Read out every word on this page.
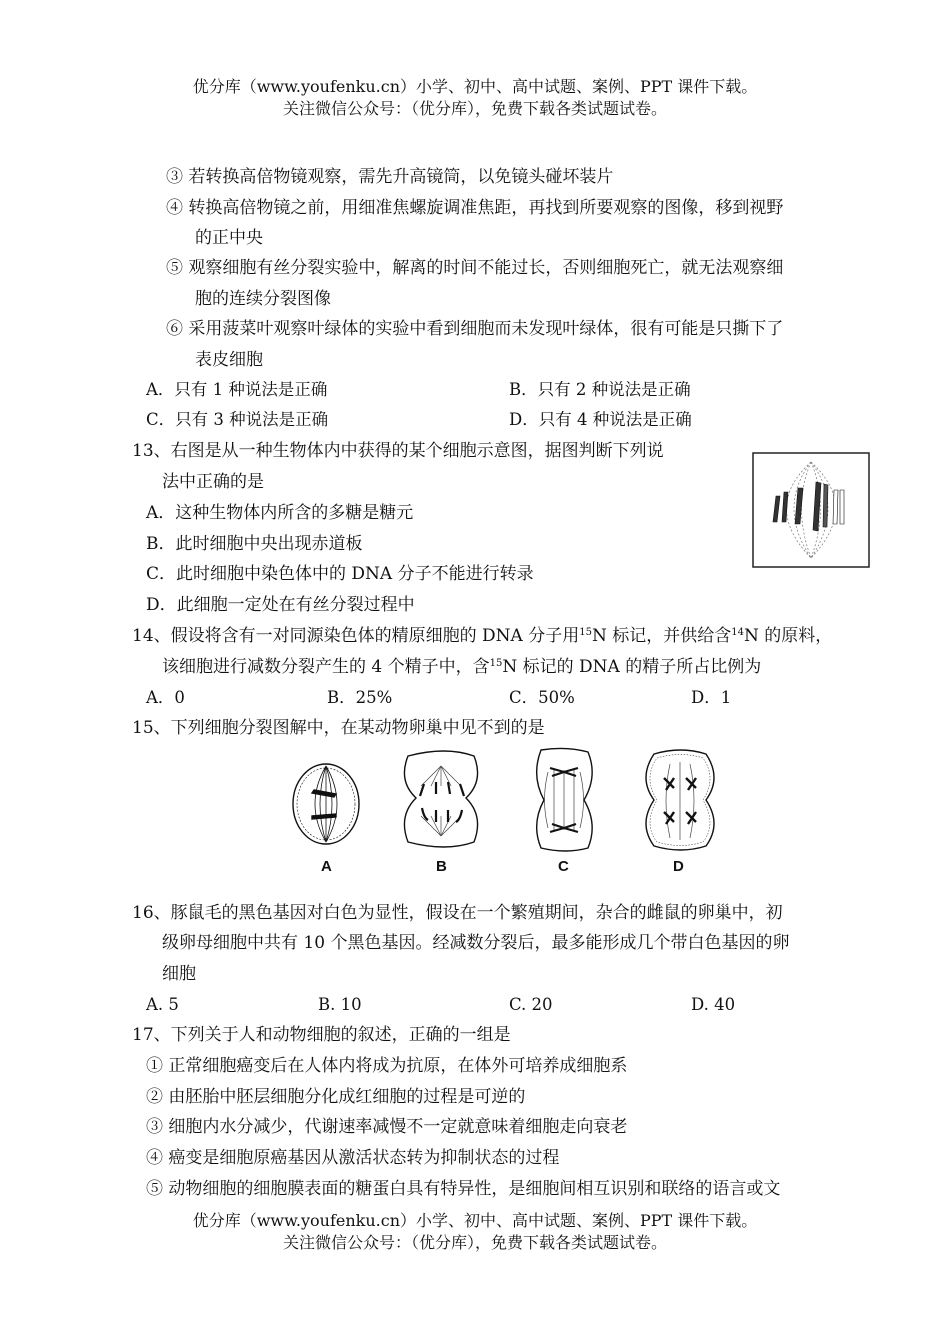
优分库（www.youfenku.cn）小学、初中、高中试题、案例、PPT 课件下载。
关注微信公众号：（优分库），免费下载各类试题试卷。
③ 若转换高倍物镜观察，需先升高镜筒，以免镜头碰坏装片
④ 转换高倍物镜之前，用细准焦螺旋调准焦距，再找到所要观察的图像，移到视野
的正中央
⑤ 观察细胞有丝分裂实验中，解离的时间不能过长，否则细胞死亡，就无法观察细
胞的连续分裂图像
⑥ 采用菠菜叶观察叶绿体的实验中看到细胞而未发现叶绿体，很有可能是只撕下了
表皮细胞
A．只有 1 种说法是正确	B．只有 2 种说法是正确
C．只有 3 种说法是正确	D．只有 4 种说法是正确
13、右图是从一种生物体内中获得的某个细胞示意图，据图判断下列说
法中正确的是
A．这种生物体内所含的多糖是糖元
B．此时细胞中央出现赤道板
C．此时细胞中染色体中的 DNA 分子不能进行转录
D．此细胞一定处在有丝分裂过程中
14、假设将含有一对同源染色体的精原细胞的 DNA 分子用$^{15}$N 标记，并供给含$^{14}$N 的原料，
该细胞进行减数分裂产生的 4 个精子中，含$^{15}$N 标记的 DNA 的精子所占比例为
A．0	B．25%	C．50%	D．1
15、下列细胞分裂图解中，在某动物卵巢中见不到的是
A	B	C	D
16、豚鼠毛的黑色基因对白色为显性，假设在一个繁殖期间，杂合的雌鼠的卵巢中，初
级卵母细胞中共有 10 个黑色基因。经减数分裂后，最多能形成几个带白色基因的卵
细胞
A. 5	B. 10	C. 20	D. 40
17、下列关于人和动物细胞的叙述，正确的一组是
① 正常细胞癌变后在人体内将成为抗原，在体外可培养成细胞系
② 由胚胎中胚层细胞分化成红细胞的过程是可逆的
③ 细胞内水分减少，代谢速率减慢不一定就意味着细胞走向衰老
④ 癌变是细胞原癌基因从激活状态转为抑制状态的过程
⑤ 动物细胞的细胞膜表面的糖蛋白具有特异性，是细胞间相互识别和联络的语言或文
优分库（www.youfenku.cn）小学、初中、高中试题、案例、PPT 课件下载。
关注微信公众号：（优分库），免费下载各类试题试卷。
